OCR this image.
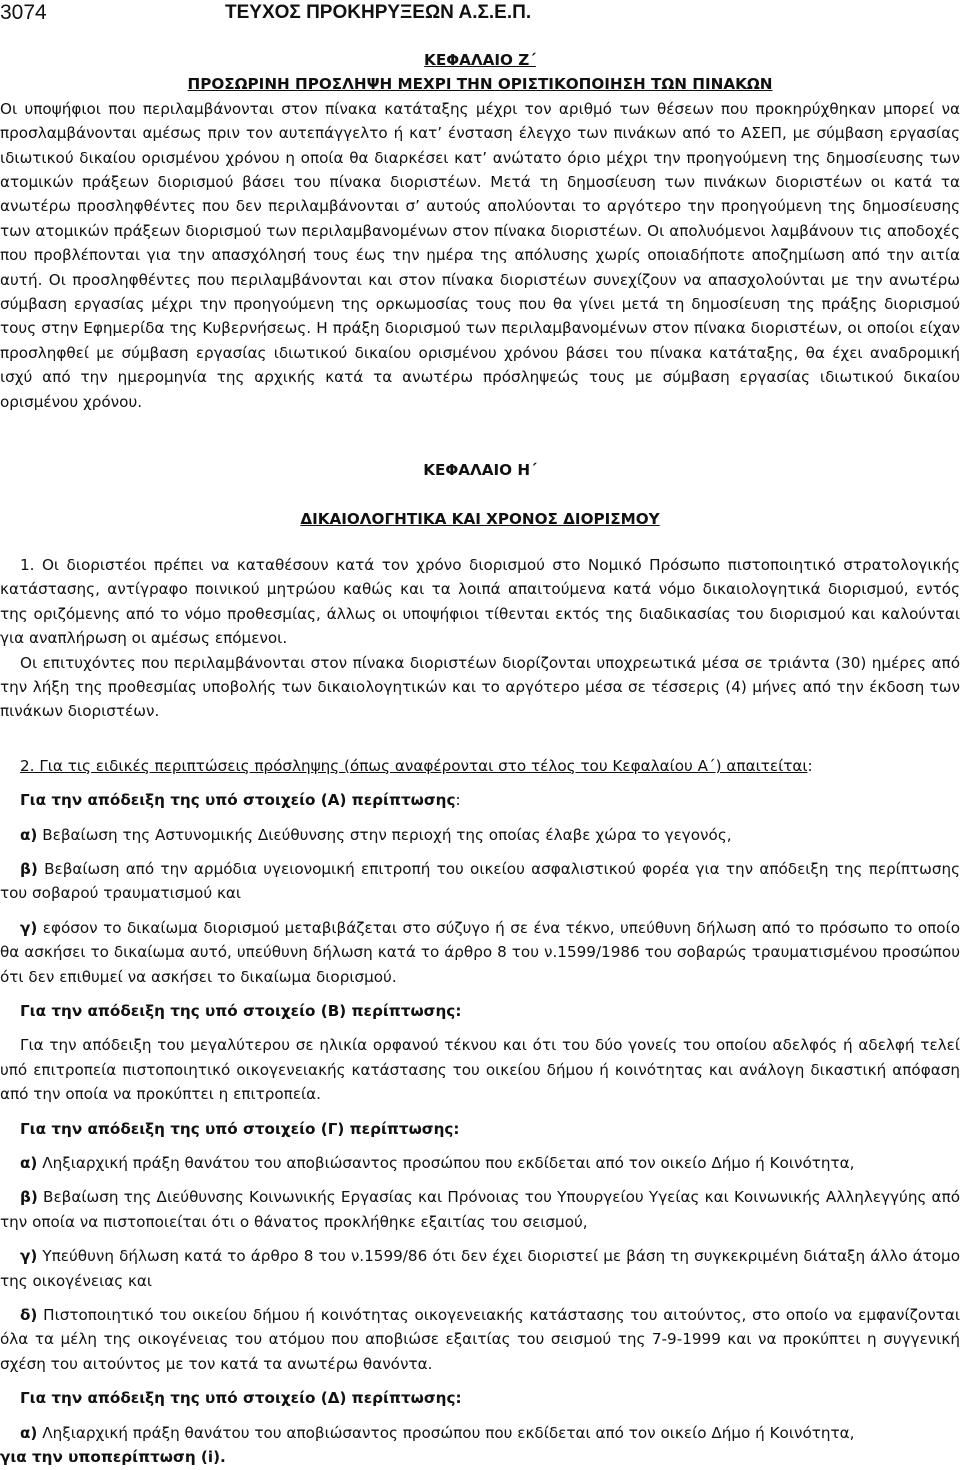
3074	ΤΕΥΧΟΣ ΠΡΟΚΗΡΥΞΕΩΝ Α.Σ.Ε.Π.

ΚΕΦΑΛΑΙΟ Ζ΄

ΠΡΟΣΩΡΙΝΗ ΠΡΟΣΛΗΨΗ ΜΕΧΡΙ ΤΗΝ ΟΡΙΣΤΙΚΟΠΟΙΗΣΗ ΤΩΝ ΠΙΝΑΚΩΝ

Οι υποψήφιοι που περιλαμβάνονται στον πίνακα κατάταξης μέχρι τον αριθμό των θέσεων που προκηρύχθηκαν μπορεί να προσλαμβάνονται αμέσως πριν τον αυτεπάγγελτο ή κατ’ ένσταση έλεγχο των πινάκων από το ΑΣΕΠ, με σύμβαση εργασίας ιδιωτικού δικαίου ορισμένου χρόνου η οποία θα διαρκέσει κατ’ ανώτατο όριο μέχρι την προηγούμενη της δημοσίευσης των ατομικών πράξεων διορισμού βάσει του πίνακα διοριστέων. Μετά τη δημοσίευση των πινάκων διοριστέων οι κατά τα ανωτέρω προσληφθέντες που δεν περιλαμβάνονται σ’ αυτούς απολύονται το αργότερο την προηγούμενη της δημοσίευσης των ατομικών πράξεων διορισμού των περιλαμβανομένων στον πίνακα διοριστέων. Οι απολυόμενοι λαμβάνουν τις αποδοχές που προβλέπονται για την απασχόλησή τους έως την ημέρα της απόλυσης χωρίς οποιαδήποτε αποζημίωση από την αιτία αυτή. Οι προσληφθέντες που περιλαμβάνονται και στον πίνακα διοριστέων συνεχίζουν να απασχολούνται με την ανωτέρω σύμβαση εργασίας μέχρι την προηγούμενη της ορκωμοσίας τους που θα γίνει μετά τη δημοσίευση της πράξης διορισμού τους στην Εφημερίδα της Κυβερνήσεως. Η πράξη διορισμού των περιλαμβανομένων στον πίνακα διοριστέων, οι οποίοι είχαν προσληφθεί με σύμβαση εργασίας ιδιωτικού δικαίου ορισμένου χρόνου βάσει του πίνακα κατάταξης, θα έχει αναδρομική ισχύ από την ημερομηνία της αρχικής κατά τα ανωτέρω πρόσληψεώς τους με σύμβαση εργασίας ιδιωτικού δικαίου ορισμένου χρόνου.

ΚΕΦΑΛΑΙΟ Η΄

ΔΙΚΑΙΟΛΟΓΗΤΙΚΑ ΚΑΙ ΧΡΟΝΟΣ ΔΙΟΡΙΣΜΟΥ

1. Οι διοριστέοι πρέπει να καταθέσουν κατά τον χρόνο διορισμού στο Νομικό Πρόσωπο πιστοποιητικό στρατολογικής κατάστασης, αντίγραφο ποινικού μητρώου καθώς και τα λοιπά απαιτούμενα κατά νόμο δικαιολογητικά διορισμού, εντός της οριζόμενης από το νόμο προθεσμίας, άλλως οι υποψήφιοι τίθενται εκτός της διαδικασίας του διορισμού και καλούνται για αναπλήρωση οι αμέσως επόμενοι.

Οι επιτυχόντες που περιλαμβάνονται στον πίνακα διοριστέων διορίζονται υποχρεωτικά μέσα σε τριάντα (30) ημέρες από την λήξη της προθεσμίας υποβολής των δικαιολογητικών και το αργότερο μέσα σε τέσσερις (4) μήνες από την έκδοση των πινάκων διοριστέων.

2. Για τις ειδικές περιπτώσεις πρόσληψης (όπως αναφέρονται στο τέλος του Κεφαλαίου Α΄) απαιτείται:

Για την απόδειξη της υπό στοιχείο (Α) περίπτωσης:

α) Βεβαίωση της Αστυνομικής Διεύθυνσης στην περιοχή της οποίας έλαβε χώρα το γεγονός,

β) Βεβαίωση από την αρμόδια υγειονομική επιτροπή του οικείου ασφαλιστικού φορέα για την απόδειξη της περίπτωσης του σοβαρού τραυματισμού και

γ) εφόσον το δικαίωμα διορισμού μεταβιβάζεται στο σύζυγο ή σε ένα τέκνο, υπεύθυνη δήλωση από το πρόσωπο το οποίο θα ασκήσει το δικαίωμα αυτό, υπεύθυνη δήλωση κατά το άρθρο 8 του ν.1599/1986 του σοβαρώς τραυματισμένου προσώπου ότι δεν επιθυμεί να ασκήσει το δικαίωμα διορισμού.

Για την απόδειξη της υπό στοιχείο (Β) περίπτωσης:

Για την απόδειξη του μεγαλύτερου σε ηλικία ορφανού τέκνου και ότι του δύο γονείς του οποίου αδελφός ή αδελφή τελεί υπό επιτροπεία πιστοποιητικό οικογενειακής κατάστασης του οικείου δήμου ή κοινότητας και ανάλογη δικαστική απόφαση από την οποία να προκύπτει η επιτροπεία.

Για την απόδειξη της υπό στοιχείο (Γ) περίπτωσης:

α) Ληξιαρχική πράξη θανάτου του αποβιώσαντος προσώπου που εκδίδεται από τον οικείο Δήμο ή Κοινότητα,

β) Βεβαίωση της Διεύθυνσης Κοινωνικής Εργασίας και Πρόνοιας του Υπουργείου Υγείας και Κοινωνικής Αλληλεγγύης από την οποία να πιστοποιείται ότι ο θάνατος προκλήθηκε εξαιτίας του σεισμού,

γ) Υπεύθυνη δήλωση κατά το άρθρο 8 του ν.1599/86 ότι δεν έχει διοριστεί με βάση τη συγκεκριμένη διάταξη άλλο άτομο της οικογένειας και

δ) Πιστοποιητικό του οικείου δήμου ή κοινότητας οικογενειακής κατάστασης του αιτούντος, στο οποίο να εμφανίζονται όλα τα μέλη της οικογένειας του ατόμου που αποβιώσε εξαιτίας του σεισμού της 7-9-1999 και να προκύπτει η συγγενική σχέση του αιτούντος με τον κατά τα ανωτέρω θανόντα.

Για την απόδειξη της υπό στοιχείο (Δ) περίπτωσης:

α) Ληξιαρχική πράξη θανάτου του αποβιώσαντος προσώπου που εκδίδεται από τον οικείο Δήμο ή Κοινότητα,

για την υποπερίπτωση (i).
